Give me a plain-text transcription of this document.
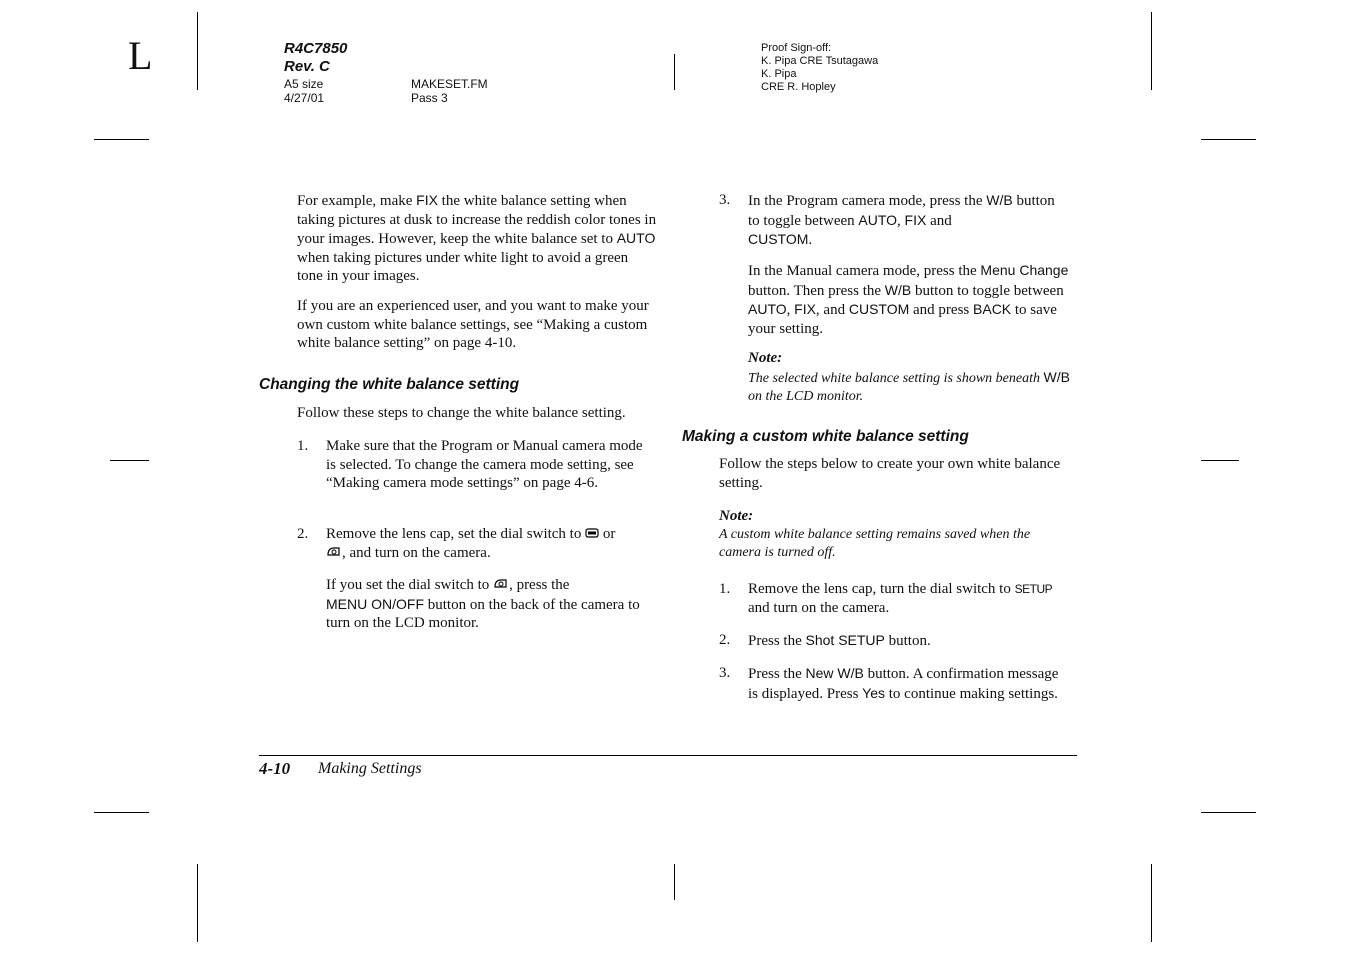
L	R4C7850
Rev. C
A5 size	MAKESET.FM
4/27/01	Pass 3
Proof Sign-off:
K. Pipa CRE Tsutagawa
K. Pipa
CRE R. Hopley

For example, make FIX the white balance setting when taking pictures at dusk to increase the reddish color tones in your images. However, keep the white balance set to AUTO when taking pictures under white light to avoid a green tone in your images.

If you are an experienced user, and you want to make your own custom white balance settings, see “Making a custom white balance setting” on page 4-10.
Changing the white balance setting
Follow these steps to change the white balance setting.
1. Make sure that the Program or Manual camera mode is selected. To change the camera mode setting, see “Making camera mode settings” on page 4-6.
2. Remove the lens cap, set the dial switch to  or
, and turn on the camera.
If you set the dial switch to , press the
MENU ON/OFF button on the back of the camera to turn on the LCD monitor.
3. In the Program camera mode, press the W/B button to toggle between AUTO, FIX and
CUSTOM.
In the Manual camera mode, press the Menu Change button. Then press the W/B button to toggle between AUTO, FIX, and CUSTOM and press BACK to save your setting.
Note:
The selected white balance setting is shown beneath W/B on the LCD monitor.
Making a custom white balance setting
Follow the steps below to create your own white balance setting.
Note:
A custom white balance setting remains saved when the camera is turned off.
1. Remove the lens cap, turn the dial switch to SETUP
and turn on the camera.
2. Press the Shot SETUP button.
3. Press the New W/B button. A confirmation message is displayed. Press Yes to continue making settings.
4-10 Making Settings
